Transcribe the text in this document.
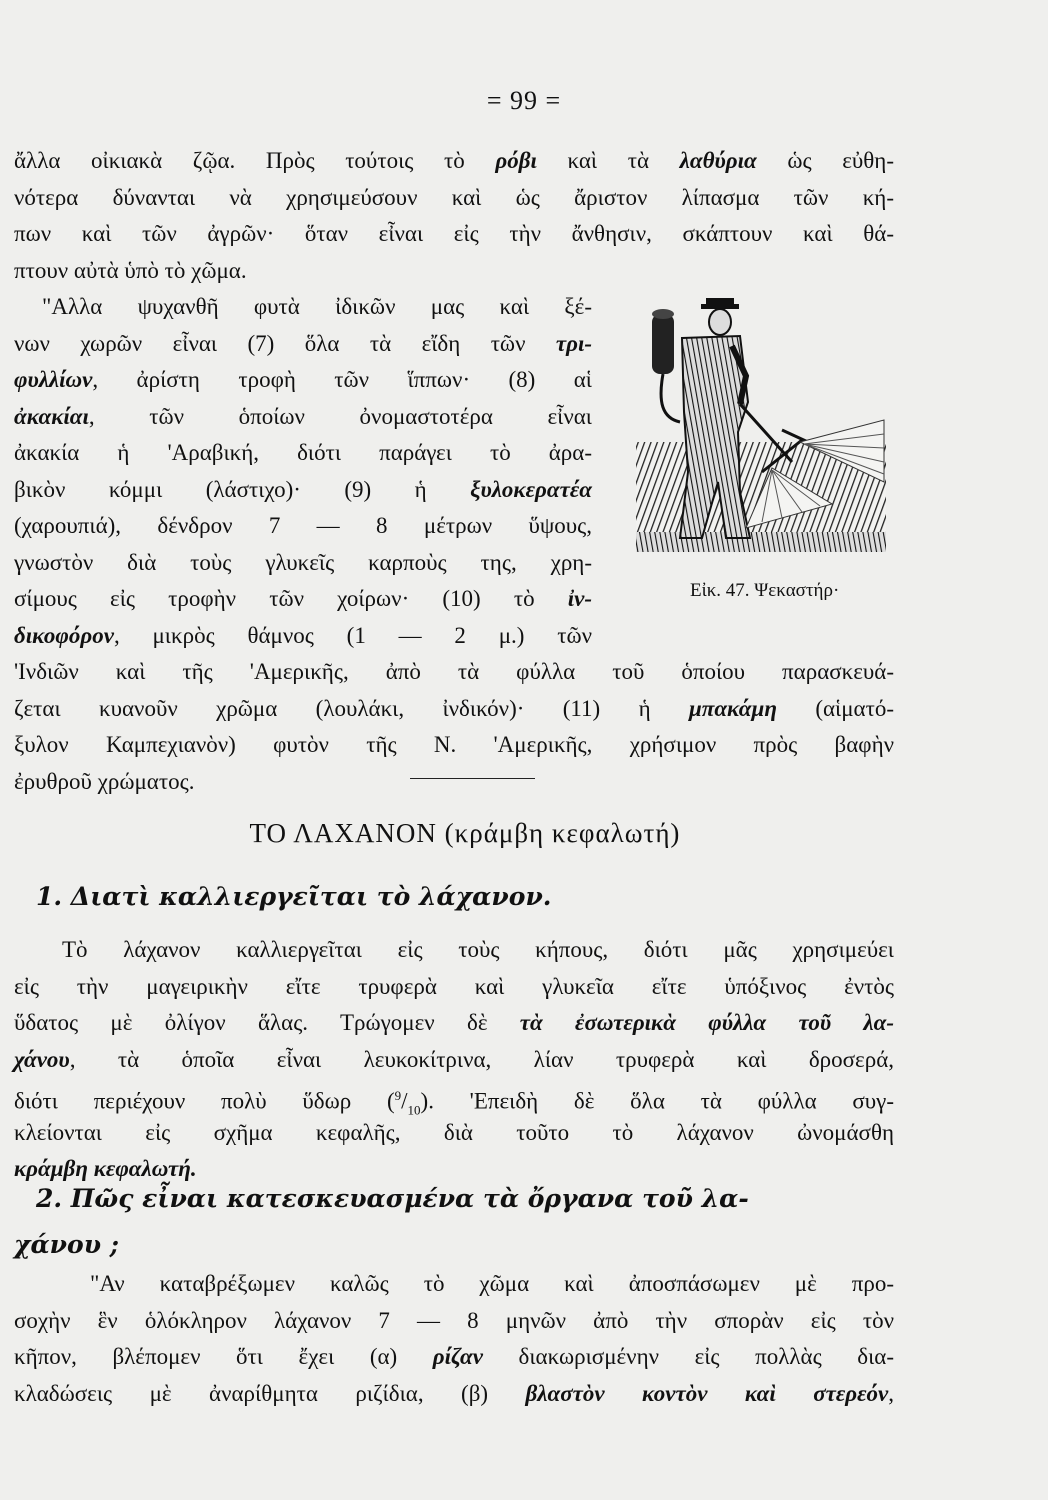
= 99 =
ἄλλα οἰκιακὰ ζῷα. Πρὸς τούτοις τὸ ρόβι καὶ τὰ λαθύρια ὡς εὐθη-
νότερα δύνανται νὰ χρησιμεύσουν καὶ ὡς ἄριστον λίπασμα τῶν κή-
πων καὶ τῶν ἀγρῶν· ὅταν εἶναι εἰς τὴν ἄνθησιν, σκάπτουν καὶ θά-
πτουν αὐτὰ ὑπὸ τὸ χῶμα.
"Αλλα ψυχανθῆ φυτὰ ἰδικῶν μας καὶ ξέ-
νων χωρῶν εἶναι (7) ὅλα τὰ εἴδη τῶν τρι-
φυλλίων, ἀρίστη τροφὴ τῶν ἵππων· (8) αἱ
ἀκακίαι, τῶν ὁποίων ὀνομαστοτέρα εἶναι
ἀκακία ἡ 'Αραβική, διότι παράγει τὸ ἀρα-
βικὸν κόμμι (λάστιχο)· (9) ἡ ξυλοκερατέα
(χαρουπιά), δένδρον 7 — 8 μέτρων ὕψους,
γνωστὸν διὰ τοὺς γλυκεῖς καρποὺς της, χρη-
σίμους εἰς τροφὴν τῶν χοίρων· (10) τὸ ἰν-
δικοφόρον, μικρὸς θάμνος (1 — 2 μ.) τῶν
'Ινδιῶν καὶ τῆς 'Αμερικῆς, ἀπὸ τὰ φύλλα τοῦ ὁποίου παρασκευά-
ζεται κυανοῦν χρῶμα (λουλάκι, ἰνδικόν)· (11) ἡ μπακάμη (αἱματό-
ξυλον Καμπεχιανὸν) φυτὸν τῆς Ν. 'Αμερικῆς, χρήσιμον πρὸς βαφὴν
ἐρυθροῦ χρώματος.
Εἰκ. 47. Ψεκαστήρ·
ΤΟ ΛΑΧΑΝΟΝ (κράμβη κεφαλωτή)
1. Διατὶ καλλιεργεῖται τὸ λάχανον.
Τὸ λάχανον καλλιεργεῖται εἰς τοὺς κήπους, διότι μᾶς χρησιμεύει
εἰς τὴν μαγειρικὴν εἴτε τρυφερὰ καὶ γλυκεῖα εἴτε ὑπόξινος ἐντὸς
ὕδατος μὲ ὀλίγον ἅλας. Τρώγομεν δὲ τὰ ἐσωτερικὰ φύλλα τοῦ λα-
χάνου, τὰ ὁποῖα εἶναι λευκοκίτρινα, λίαν τρυφερὰ καὶ δροσερά,
διότι περιέχουν πολὺ ὕδωρ $(^9/_{10})$. 'Επειδὴ δὲ ὅλα τὰ φύλλα συγ-
κλείονται εἰς σχῆμα κεφαλῆς, διὰ τοῦτο τὸ λάχανον ὠνομάσθη
κράμβη κεφαλωτή.
2. Πῶς εἶναι κατεσκευασμένα τὰ ὄργανα τοῦ λα-
χάνου ;
"Αν καταβρέξωμεν καλῶς τὸ χῶμα καὶ ἀποσπάσωμεν μὲ προ-
σοχὴν ἓν ὁλόκληρον λάχανον 7 — 8 μηνῶν ἀπὸ τὴν σπορὰν εἰς τὸν
κῆπον, βλέπομεν ὅτι ἔχει (α) ρίζαν διακωρισμένην εἰς πολλὰς δια-
κλαδώσεις μὲ ἀναρίθμητα ριζίδια, (β) βλαστὸν κοντὸν καὶ στερεόν,
